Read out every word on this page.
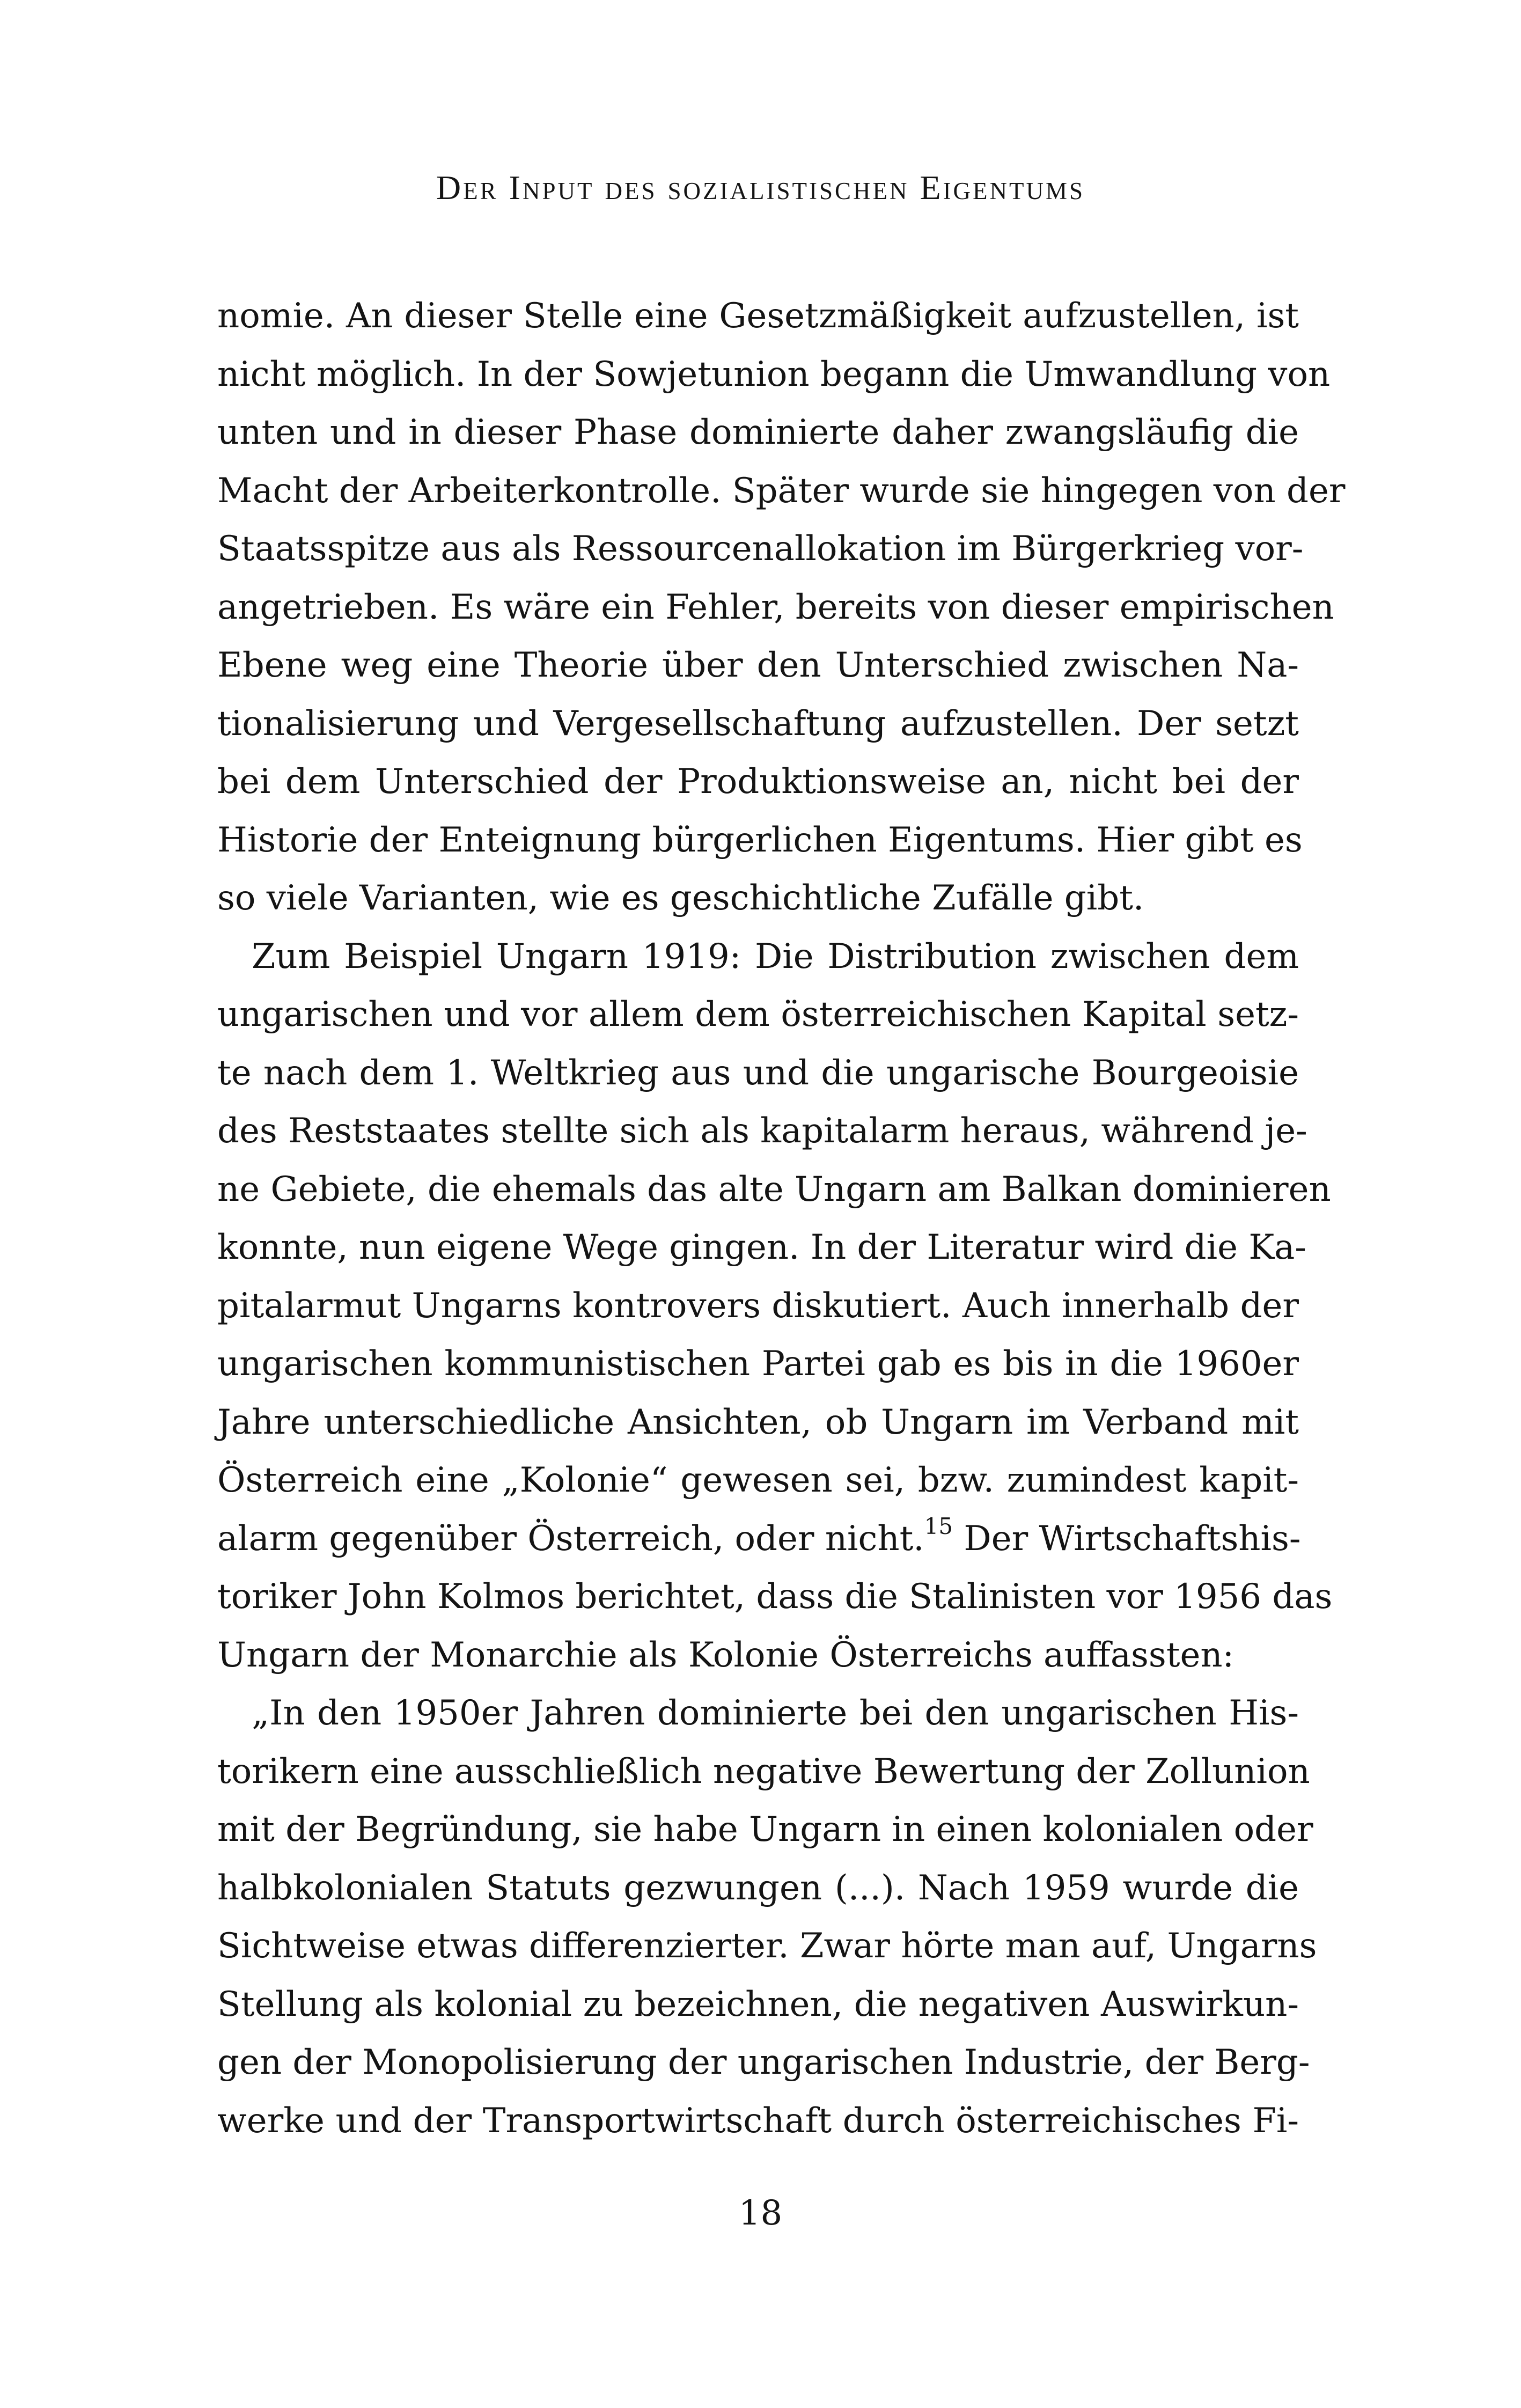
Der Input des sozialistischen Eigentums
nomie. An dieser Stelle eine Gesetzmäßigkeit aufzustellen, ist
nicht möglich. In der Sowjetunion begann die Umwandlung von
unten und in dieser Phase dominierte daher zwangsläufig die
Macht der Arbeiterkontrolle. Später wurde sie hingegen von der
Staatsspitze aus als Ressourcenallokation im Bürgerkrieg vor-
angetrieben. Es wäre ein Fehler, bereits von dieser empirischen
Ebene weg eine Theorie über den Unterschied zwischen Na-
tionalisierung und Vergesellschaftung aufzustellen. Der setzt
bei dem Unterschied der Produktionsweise an, nicht bei der
Historie der Enteignung bürgerlichen Eigentums. Hier gibt es
so viele Varianten, wie es geschichtliche Zufälle gibt.
Zum Beispiel Ungarn 1919: Die Distribution zwischen dem
ungarischen und vor allem dem österreichischen Kapital setz-
te nach dem 1. Weltkrieg aus und die ungarische Bourgeoisie
des Reststaates stellte sich als kapitalarm heraus, während je-
ne Gebiete, die ehemals das alte Ungarn am Balkan dominieren
konnte, nun eigene Wege gingen. In der Literatur wird die Ka-
pitalarmut Ungarns kontrovers diskutiert. Auch innerhalb der
ungarischen kommunistischen Partei gab es bis in die 1960er
Jahre unterschiedliche Ansichten, ob Ungarn im Verband mit
Österreich eine „Kolonie“ gewesen sei, bzw. zumindest kapit-
alarm gegenüber Österreich, oder nicht.$^{15}$ Der Wirtschaftshis-
toriker John Kolmos berichtet, dass die Stalinisten vor 1956 das
Ungarn der Monarchie als Kolonie Österreichs auffassten:
„In den 1950er Jahren dominierte bei den ungarischen His-
torikern eine ausschließlich negative Bewertung der Zollunion
mit der Begründung, sie habe Ungarn in einen kolonialen oder
halbkolonialen Statuts gezwungen (...). Nach 1959 wurde die
Sichtweise etwas differenzierter. Zwar hörte man auf, Ungarns
Stellung als kolonial zu bezeichnen, die negativen Auswirkun-
gen der Monopolisierung der ungarischen Industrie, der Berg-
werke und der Transportwirtschaft durch österreichisches Fi-
18
